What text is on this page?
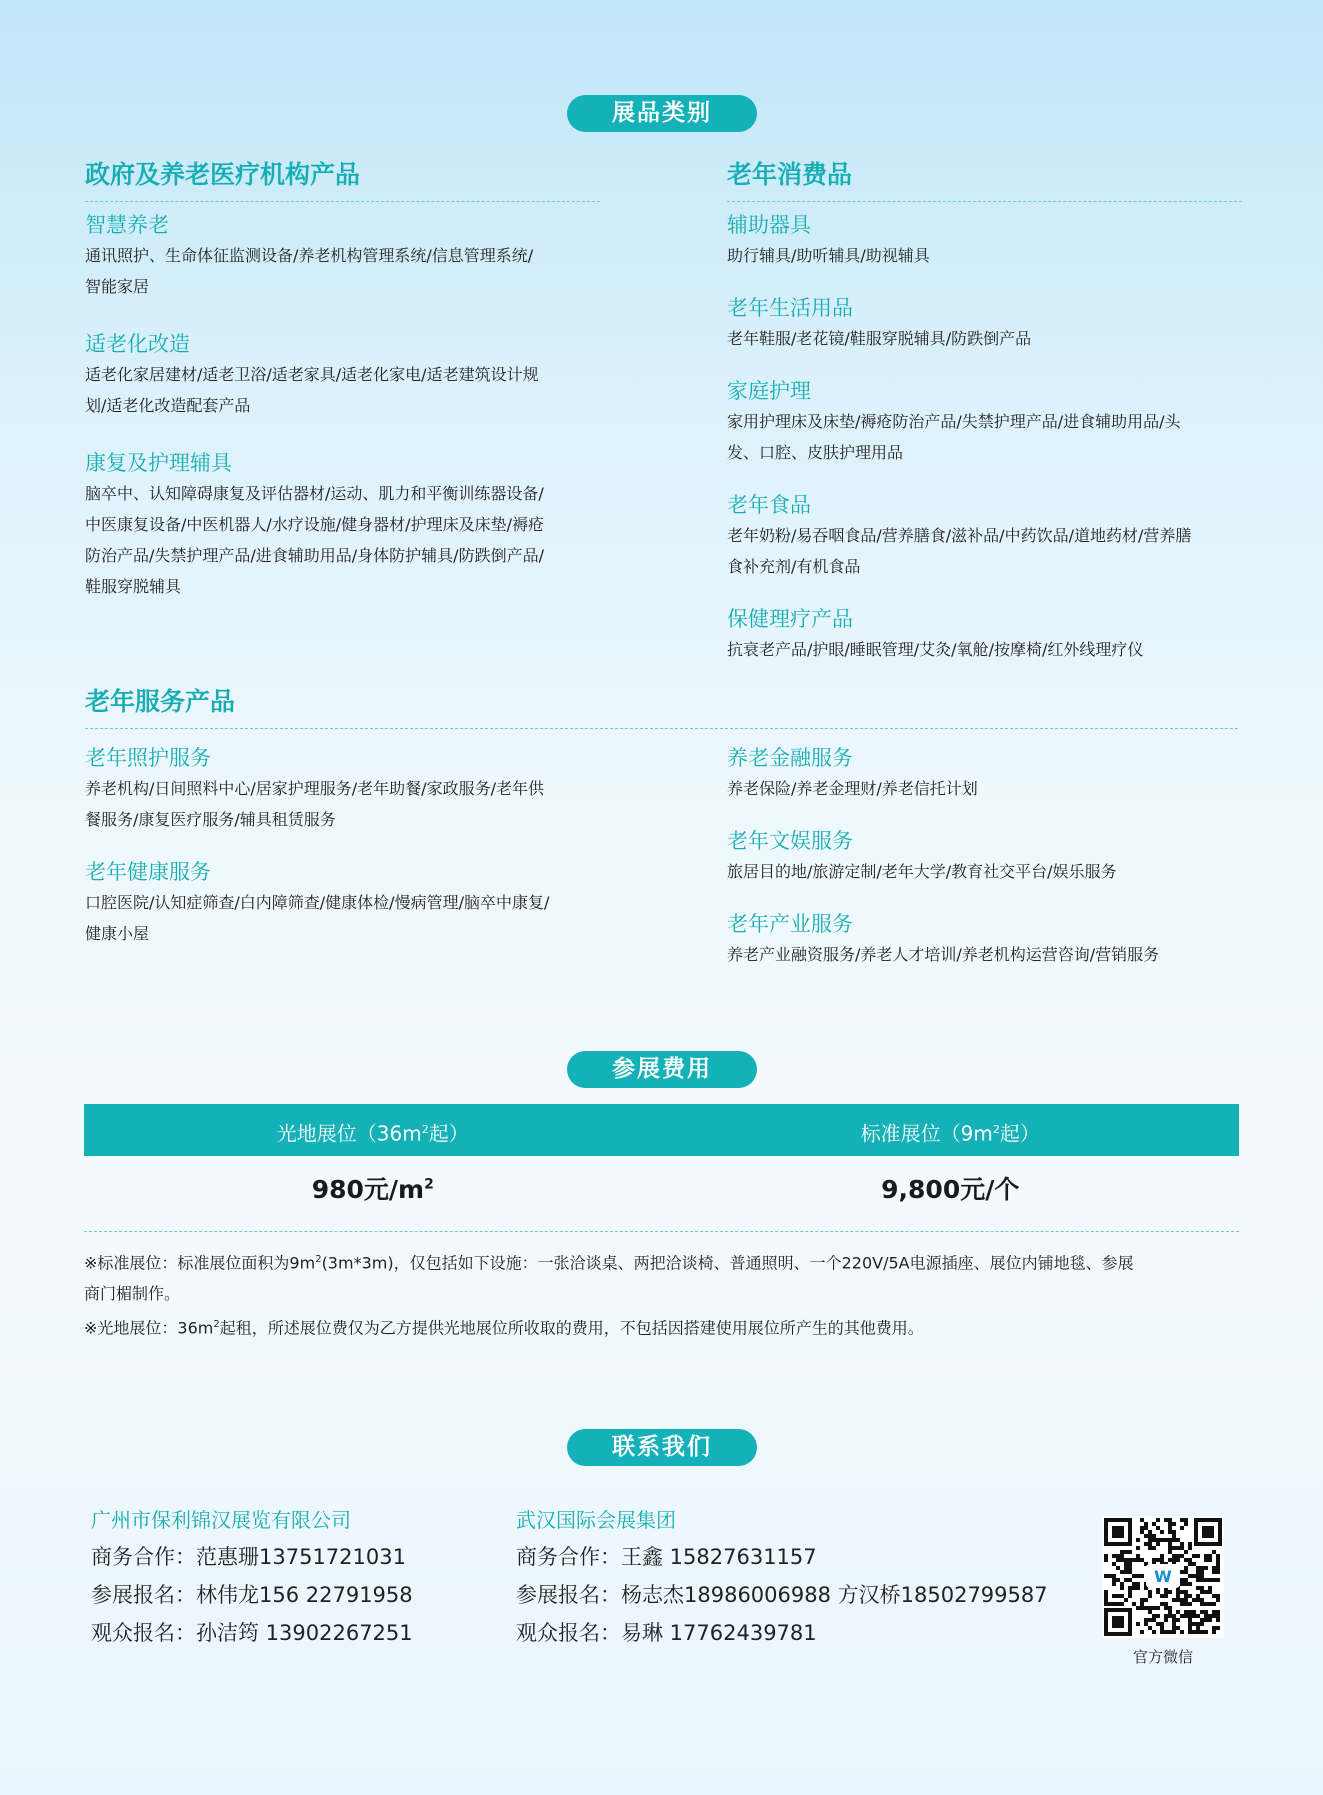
展品类别
政府及养老医疗机构产品
智慧养老
通讯照护、生命体征监测设备/养老机构管理系统/信息管理系统/
智能家居
适老化改造
适老化家居建材/适老卫浴/适老家具/适老化家电/适老建筑设计规
划/适老化改造配套产品
康复及护理辅具
脑卒中、认知障碍康复及评估器材/运动、肌力和平衡训练器设备/
中医康复设备/中医机器人/水疗设施/健身器材/护理床及床垫/褥疮
防治产品/失禁护理产品/进食辅助用品/身体防护辅具/防跌倒产品/
鞋服穿脱辅具
老年消费品
辅助器具
助行辅具/助听辅具/助视辅具
老年生活用品
老年鞋服/老花镜/鞋服穿脱辅具/防跌倒产品
家庭护理
家用护理床及床垫/褥疮防治产品/失禁护理产品/进食辅助用品/头
发、口腔、皮肤护理用品
老年食品
老年奶粉/易吞咽食品/营养膳食/滋补品/中药饮品/道地药材/营养膳
食补充剂/有机食品
保健理疗产品
抗衰老产品/护眼/睡眠管理/艾灸/氧舱/按摩椅/红外线理疗仪
老年服务产品
老年照护服务
养老机构/日间照料中心/居家护理服务/老年助餐/家政服务/老年供
餐服务/康复医疗服务/辅具租赁服务
老年健康服务
口腔医院/认知症筛查/白内障筛查/健康体检/慢病管理/脑卒中康复/
健康小屋
养老金融服务
养老保险/养老金理财/养老信托计划
老年文娱服务
旅居目的地/旅游定制/老年大学/教育社交平台/娱乐服务
老年产业服务
养老产业融资服务/养老人才培训/养老机构运营咨询/营销服务
参展费用
光地展位（$36m^2$起）	标准展位（$9m^2$起）
980元$/m^2$	9,800元/个
※标准展位：标准展位面积为$9m^2(3m*3m)$，仅包括如下设施：一张洽谈桌、两把洽谈椅、普通照明、一个220V/5A电源插座、展位内铺地毯、参展
商门楣制作。
※光地展位：$36m^2$起租，所述展位费仅为乙方提供光地展位所收取的费用，不包括因搭建使用展位所产生的其他费用。
联系我们
广州市保利锦汉展览有限公司
商务合作：范惠珊13751721031
参展报名：林伟龙156 22791958
观众报名：孙洁筠 13902267251
武汉国际会展集团
商务合作：王鑫 15827631157
参展报名：杨志杰18986006988 方汉桥18502799587
观众报名：易琳 17762439781
W
官方微信
